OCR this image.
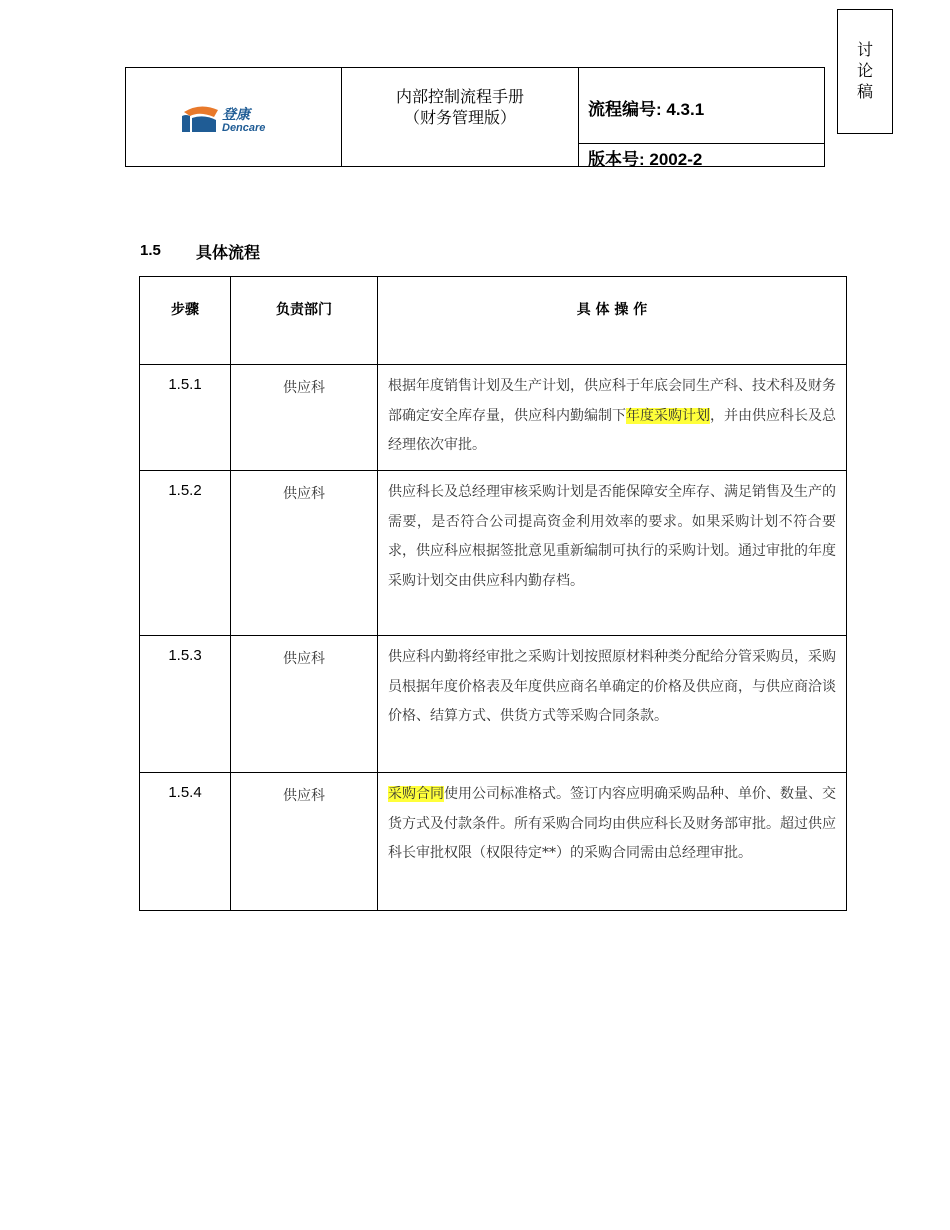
讨
论
稿
登康
Dencare
内部控制流程手册
（财务管理版）	流程编号: 4.3.1
版本号: 2002-2
1.5 具体流程
步骤	负责部门	具 体 操 作
1.5.1	供应科	根据年度销售计划及生产计划，供应科于年底会同生产科、技术科及财务部确定安全库存量，供应科内勤编制下年度采购计划，并由供应科长及总经理依次审批。
1.5.2	供应科	供应科长及总经理审核采购计划是否能保障安全库存、满足销售及生产的需要，是否符合公司提高资金利用效率的要求。如果采购计划不符合要求，供应科应根据签批意见重新编制可执行的采购计划。通过审批的年度采购计划交由供应科内勤存档。
1.5.3	供应科	供应科内勤将经审批之采购计划按照原材料种类分配给分管采购员，采购员根据年度价格表及年度供应商名单确定的价格及供应商，与供应商洽谈价格、结算方式、供货方式等采购合同条款。
1.5.4	供应科	采购合同使用公司标准格式。签订内容应明确采购品种、单价、数量、交货方式及付款条件。所有采购合同均由供应科长及财务部审批。超过供应科长审批权限（权限待定**）的采购合同需由总经理审批。
